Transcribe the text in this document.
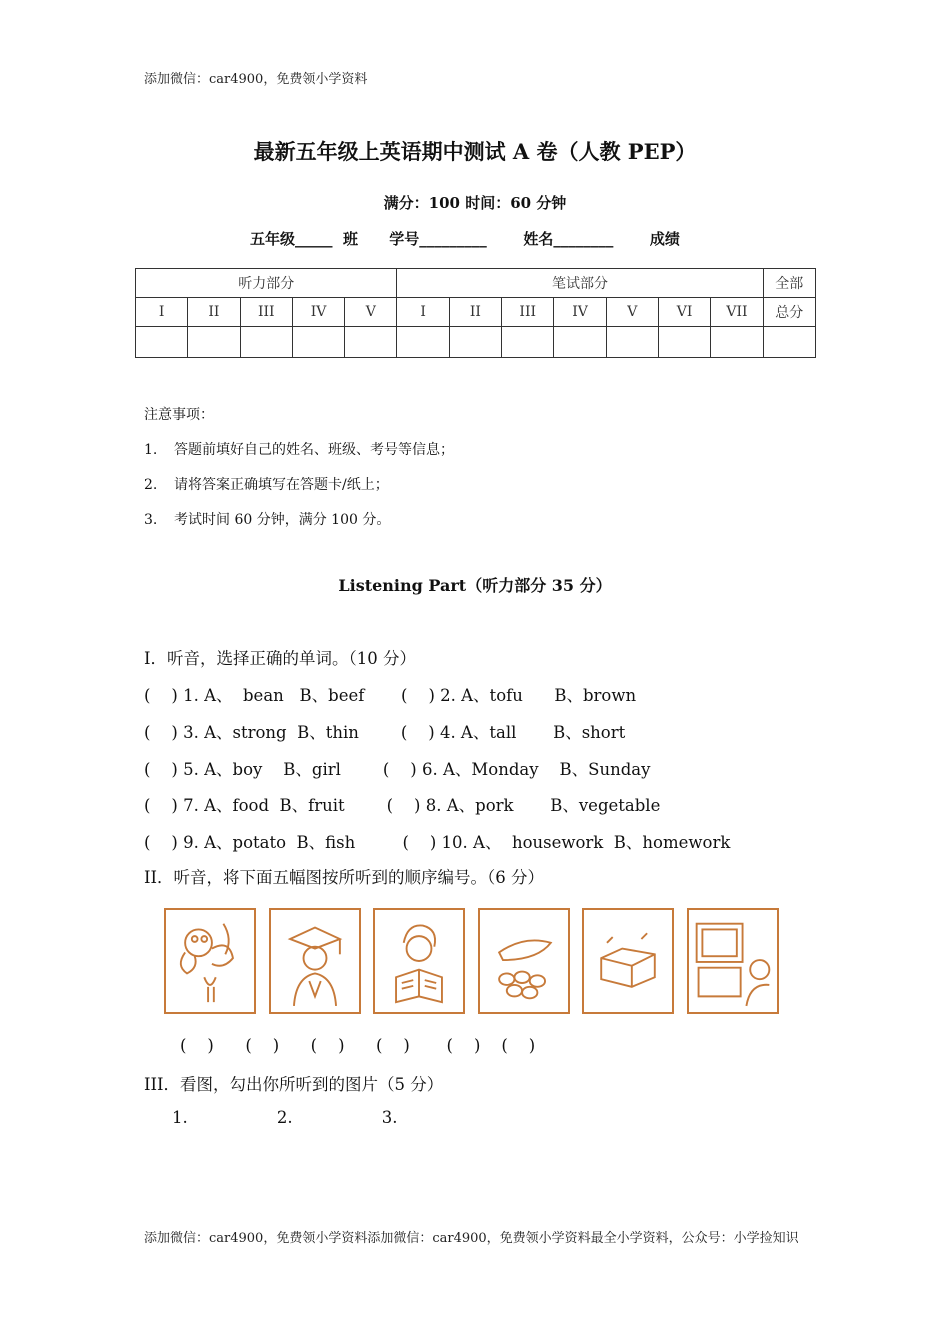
添加微信：car4900，免费领小学资料
最新五年级上英语期中测试 A 卷（人教 PEP）
满分：100 时间：60 分钟
五年级_____  班      学号_________       姓名________       成绩
听力部分					笔试部分							全部
I	II	III	IV	V	I	II	III	IV	V	VI	VII	总分

注意事项：
1. 答题前填好自己的姓名、班级、考号等信息；
2. 请将答案正确填写在答题卡/纸上；
3. 考试时间 60 分钟，满分 100 分。
Listening Part（听力部分 35 分）
I．听音，选择正确的单词。（10 分）
(    ) 1. A、  bean   B、beef       (    ) 2. A、tofu      B、brown
(    ) 3. A、strong  B、thin        (    ) 4. A、tall       B、short
(    ) 5. A、boy    B、girl        (    ) 6. A、Monday    B、Sunday
(    ) 7. A、food  B、fruit        (    ) 8. A、pork       B、vegetable
(    ) 9. A、potato  B、fish         (    ) 10. A、  housework  B、homework
II．听音，将下面五幅图按所听到的顺序编号。（6 分）
(    )      (    )      (    )      (    )       (    )    (    )
III．看图，勾出你所听到的图片（5 分）
1.                 2.                 3.
添加微信：car4900，免费领小学资料添加微信：car4900，免费领小学资料最全小学资料，公众号：小学捡知识
